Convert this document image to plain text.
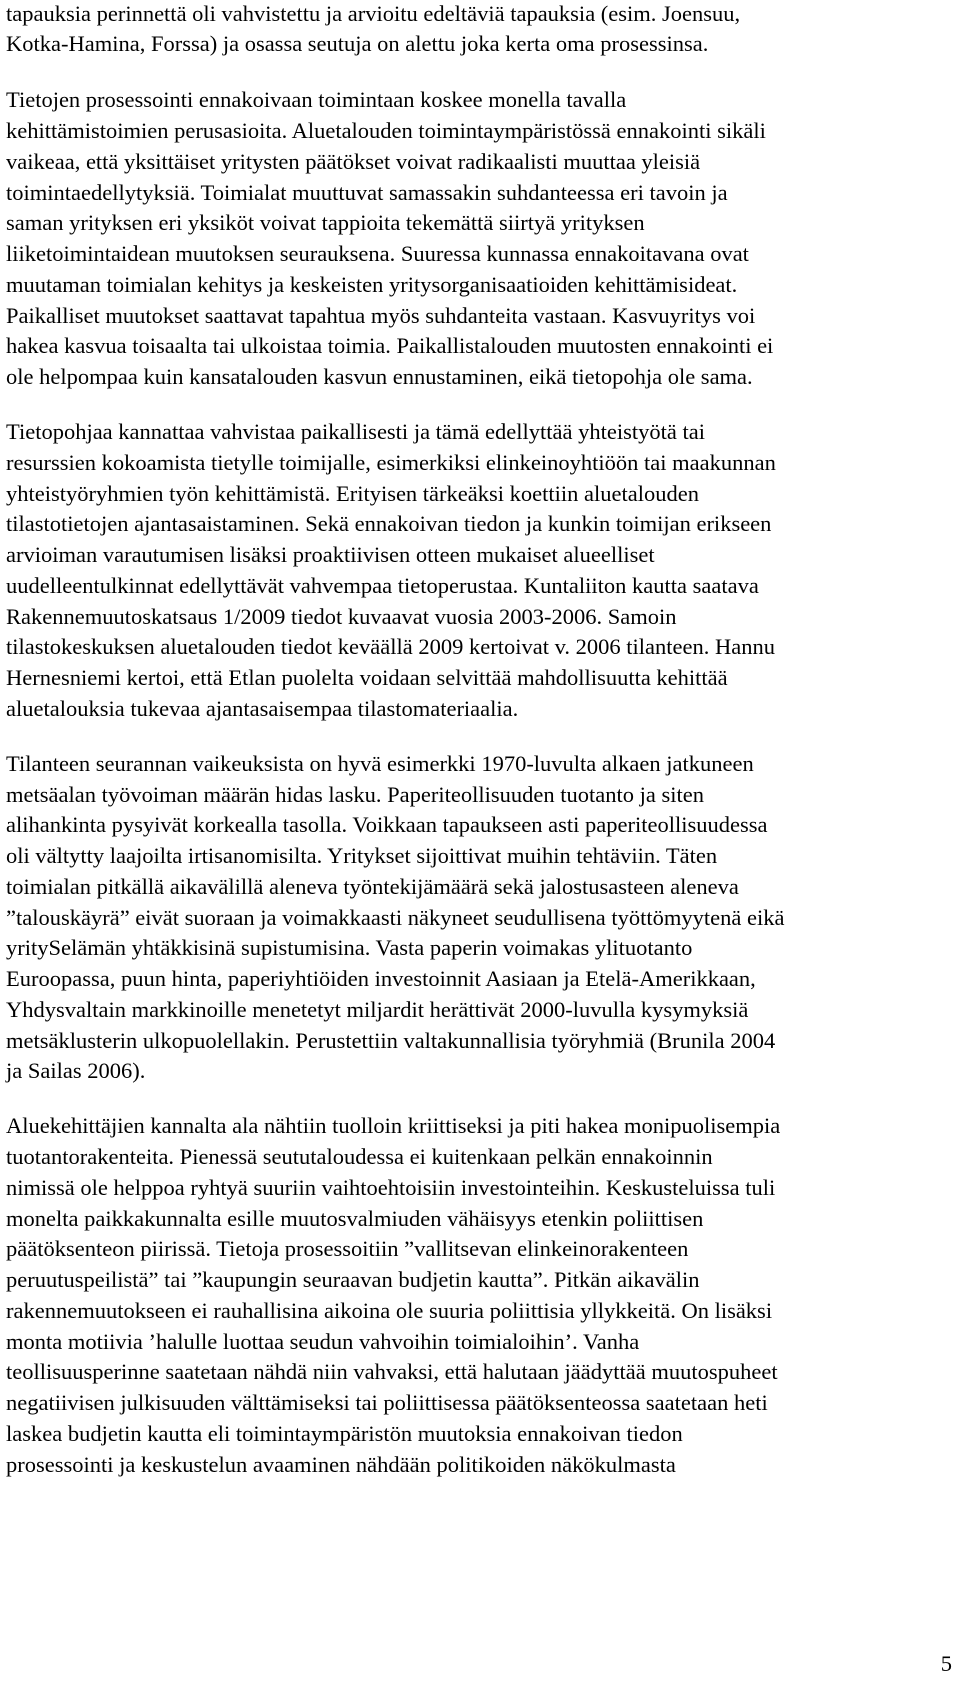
tapauksia perinnettä oli vahvistettu ja arvioitu edeltäviä tapauksia (esim. Joensuu,

Kotka-Hamina, Forssa) ja osassa seutuja on alettu joka kerta oma prosessinsa.

Tietojen prosessointi ennakoivaan toimintaan koskee monella tavalla

kehittämistoimien perusasioita. Aluetalouden toimintaympäristössä ennakointi sikäli

vaikeaa, että yksittäiset yritysten päätökset voivat radikaalisti muuttaa yleisiä

toimintaedellytyksiä. Toimialat muuttuvat samassakin suhdanteessa eri tavoin ja

saman yrityksen eri yksiköt voivat tappioita tekemättä siirtyä yrityksen

liiketoimintaidean muutoksen seurauksena. Suuressa kunnassa ennakoitavana ovat

muutaman toimialan kehitys ja keskeisten yritysorganisaatioiden kehittämisideat.

Paikalliset muutokset saattavat tapahtua myös suhdanteita vastaan. Kasvuyritys voi

hakea kasvua toisaalta tai ulkoistaa toimia. Paikallistalouden muutosten ennakointi ei

ole helpompaa kuin kansatalouden kasvun ennustaminen, eikä tietopohja ole sama.

Tietopohjaa kannattaa vahvistaa paikallisesti ja tämä edellyttää yhteistyötä tai

resurssien kokoamista tietylle toimijalle, esimerkiksi elinkeinoyhtiöön tai maakunnan

yhteistyöryhmien työn kehittämistä. Erityisen tärkeäksi koettiin aluetalouden

tilastotietojen ajantasaistaminen. Sekä ennakoivan tiedon ja kunkin toimijan erikseen

arvioiman varautumisen lisäksi proaktiivisen otteen mukaiset alueelliset

uudelleentulkinnat edellyttävät vahvempaa tietoperustaa. Kuntaliiton kautta saatava

Rakennemuutoskatsaus 1/2009 tiedot kuvaavat vuosia 2003-2006. Samoin

tilastokeskuksen aluetalouden tiedot keväällä 2009 kertoivat v. 2006 tilanteen. Hannu

Hernesniemi kertoi, että Etlan puolelta voidaan selvittää mahdollisuutta kehittää

aluetalouksia tukevaa ajantasaisempaa tilastomateriaalia.

Tilanteen seurannan vaikeuksista on hyvä esimerkki 1970-luvulta alkaen jatkuneen

metsäalan työvoiman määrän hidas lasku. Paperiteollisuuden tuotanto ja siten

alihankinta pysyivät korkealla tasolla. Voikkaan tapaukseen asti paperiteollisuudessa

oli vältytty laajoilta irtisanomisilta. Yritykset sijoittivat muihin tehtäviin. Täten

toimialan pitkällä aikavälillä aleneva työntekijämäärä sekä jalostusasteen aleneva

”talouskäyrä” eivät suoraan ja voimakkaasti näkyneet seudullisena työttömyytenä eikä

yritySelämän yhtäkkisinä supistumisina. Vasta paperin voimakas ylituotanto

Euroopassa, puun hinta, paperiyhtiöiden investoinnit Aasiaan ja Etelä-Amerikkaan,

Yhdysvaltain markkinoille menetetyt miljardit herättivät 2000-luvulla kysymyksiä

metsäklusterin ulkopuolellakin. Perustettiin valtakunnallisia työryhmiä (Brunila 2004

ja Sailas 2006).

Aluekehittäjien kannalta ala nähtiin tuolloin kriittiseksi ja piti hakea monipuolisempia

tuotantorakenteita. Pienessä seututaloudessa ei kuitenkaan pelkän ennakoinnin

nimissä ole helppoa ryhtyä suuriin vaihtoehtoisiin investointeihin. Keskusteluissa tuli

monelta paikkakunnalta esille muutosvalmiuden vähäisyys etenkin poliittisen

päätöksenteon piirissä. Tietoja prosessoitiin ”vallitsevan elinkeinorakenteen

peruutuspeilistä” tai ”kaupungin seuraavan budjetin kautta”. Pitkän aikavälin

rakennemuutokseen ei rauhallisina aikoina ole suuria poliittisia yllykkeitä. On lisäksi

monta motiivia ’halulle luottaa seudun vahvoihin toimialoihin’. Vanha

teollisuusperinne saatetaan nähdä niin vahvaksi, että halutaan jäädyttää muutospuheet

negatiivisen julkisuuden välttämiseksi tai poliittisessa päätöksenteossa saatetaan heti

laskea budjetin kautta eli toimintaympäristön muutoksia ennakoivan tiedon

prosessointi ja keskustelun avaaminen nähdään politikoiden näkökulmasta

5
